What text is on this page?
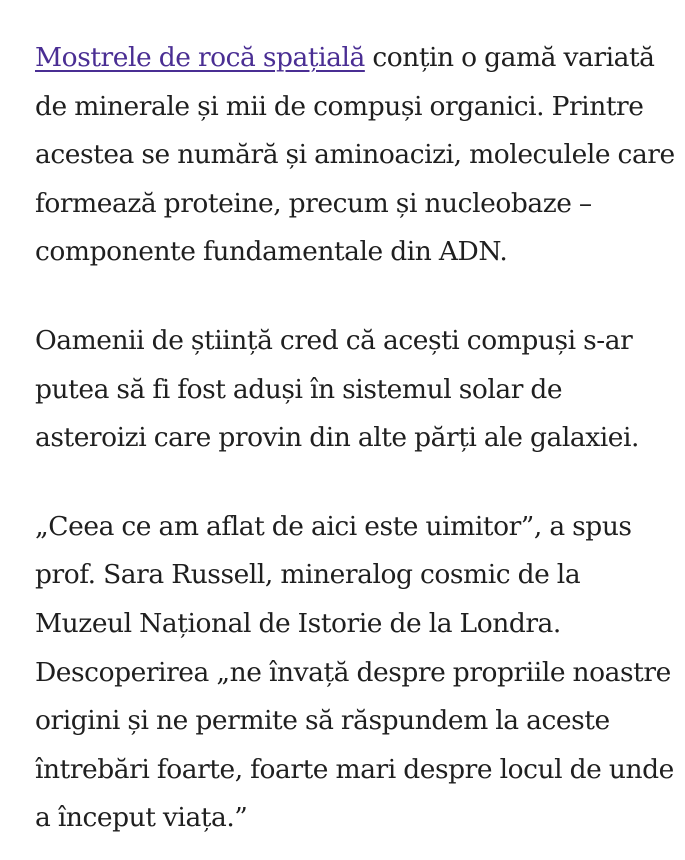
Mostrele de rocă spațială conțin o gamă variată de minerale și mii de compuși organici. Printre acestea se numără și aminoacizi, moleculele care formează proteine, precum și nucleobaze – componente fundamentale din ADN.

Oamenii de știință cred că acești compuși s-ar putea să fi fost aduși în sistemul solar de asteroizi care provin din alte părți ale galaxiei.

„Ceea ce am aflat de aici este uimitor”, a spus prof. Sara Russell, mineralog cosmic de la Muzeul Național de Istorie de la Londra. Descoperirea „ne învață despre propriile noastre origini și ne permite să răspundem la aceste întrebări foarte, foarte mari despre locul de unde a început viața.”
